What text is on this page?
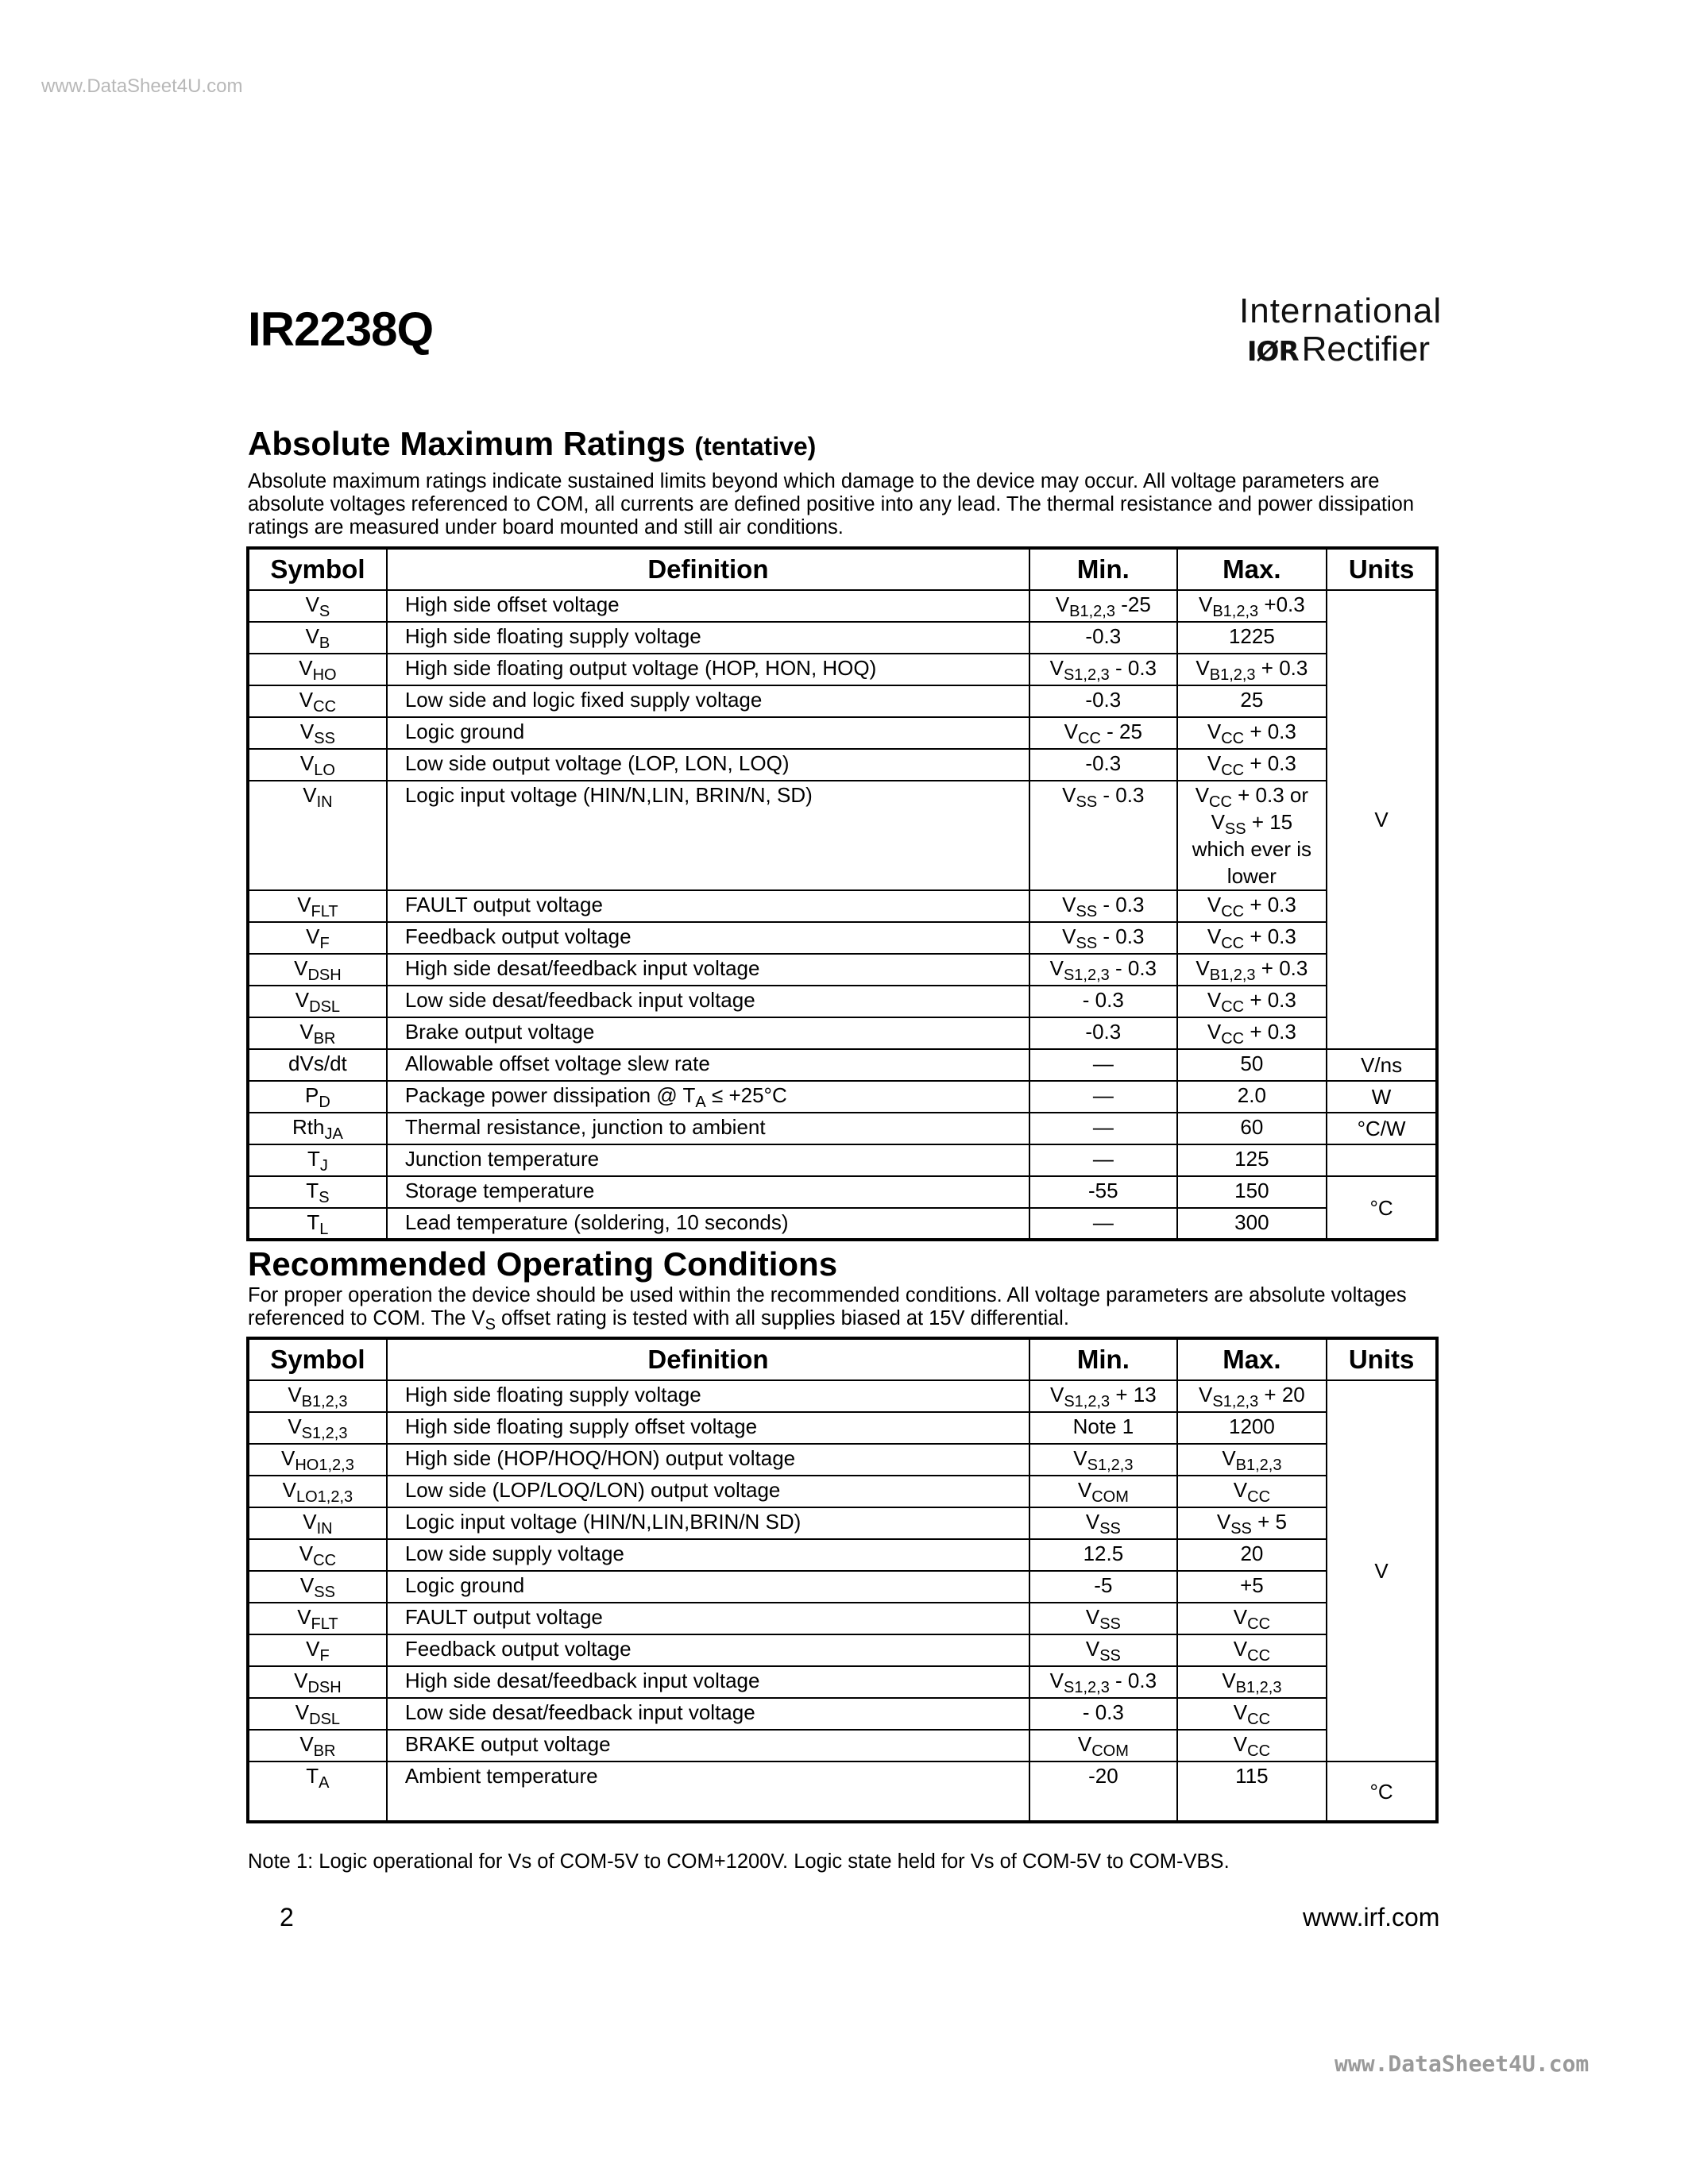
www.DataSheet4U.com
IR2238Q	International
IØRRectifier
Absolute Maximum Ratings (tentative)

Absolute maximum ratings indicate sustained limits beyond which damage to the device may occur. All voltage parameters are absolute voltages referenced to COM, all currents are defined positive into any lead. The thermal resistance and power dissipation ratings are measured under board mounted and still air conditions.

Symbol	Definition	Min.	Max.	Units
$V_S$	High side offset voltage	$V_{B1,2,3}$ -25	$V_{B1,2,3} +0.3$	V
$V_B$	High side floating supply voltage	-0.3	1225	
$V_{HO}$	High side floating output voltage (HOP, HON, HOQ)	$V_{S1,2,3} - 0.3$	$V_{B1,2,3} + 0.3$	
$V_{CC}$	Low side and logic fixed supply voltage	-0.3	25	
$V_{SS}$	Logic ground	$V_{CC} - 25$	$V_{CC} + 0.3$	
$V_{LO}$	Low side output voltage (LOP, LON, LOQ)	-0.3	$V_{CC} + 0.3$	
$V_{IN}$	Logic input voltage (HIN/N,LIN, BRIN/N, SD)	$V_{SS} - 0.3$	$V_{CC} + 0.3$ or
$V_{SS} + 15$
which ever is
lower	
$V_{FLT}$	FAULT output voltage	$V_{SS} - 0.3$	$V_{CC} + 0.3$	
$V_F$	Feedback output voltage	$V_{SS} - 0.3$	$V_{CC} + 0.3$	
$V_{DSH}$	High side desat/feedback input voltage	$V_{S1,2,3} - 0.3$	$V_{B1,2,3} + 0.3$	
$V_{DSL}$	Low side desat/feedback input voltage	- 0.3	$V_{CC} + 0.3$	
$V_{BR}$	Brake output voltage	-0.3	$V_{CC} + 0.3$	
dVs/dt	Allowable offset voltage slew rate	—	50	V/ns
$P_D$	Package power dissipation @ $T_A \le +25^\circ C$	—	2.0	W
Rth$_{JA}$	Thermal resistance, junction to ambient	—	60	°C/W
$T_J$	Junction temperature	—	125	
$T_S$	Storage temperature	-55	150	°C
$T_L$	Lead temperature (soldering, 10 seconds)	—	300	
Recommended Operating Conditions

For proper operation the device should be used within the recommended conditions. All voltage parameters are absolute voltages referenced to COM. The $V_S$ offset rating is tested with all supplies biased at 15V differential.

Symbol	Definition	Min.	Max.	Units
$V_{B1,2,3}$	High side floating supply voltage	$V_{S1,2,3} + 13$	$V_{S1,2,3} + 20$	V
$V_{S1,2,3}$	High side floating supply offset voltage	Note 1	1200	
$V_{HO1,2,3}$	High side (HOP/HOQ/HON) output voltage	$V_{S1,2,3}$	$V_{B1,2,3}$
$V_{LO1,2,3}$	Low side (LOP/LOQ/LON) output voltage	$V_{COM}$	$V_{CC}$
$V_{IN}$	Logic input voltage (HIN/N,LIN,BRIN/N SD)	$V_{SS}$	$V_{SS} + 5$	
$V_{CC}$	Low side supply voltage	12.5	20	
$V_{SS}$	Logic ground	-5	+5	
$V_{FLT}$	FAULT output voltage	$V_{SS}$	$V_{CC}$
$V_F$	Feedback output voltage	$V_{SS}$	$V_{CC}$
$V_{DSH}$	High side desat/feedback input voltage	$V_{S1,2,3} - 0.3$	$V_{B1,2,3}$
$V_{DSL}$	Low side desat/feedback input voltage	- 0.3	$V_{CC}$
$V_{BR}$	BRAKE output voltage	$V_{COM}$	$V_{CC}$
$T_A$	Ambient temperature	-20	115	°C
Note 1: Logic operational for Vs of COM-5V to COM+1200V. Logic state held for Vs of COM-5V to COM-VBS.
2	www.irf.com
www.DataSheet4U.com
